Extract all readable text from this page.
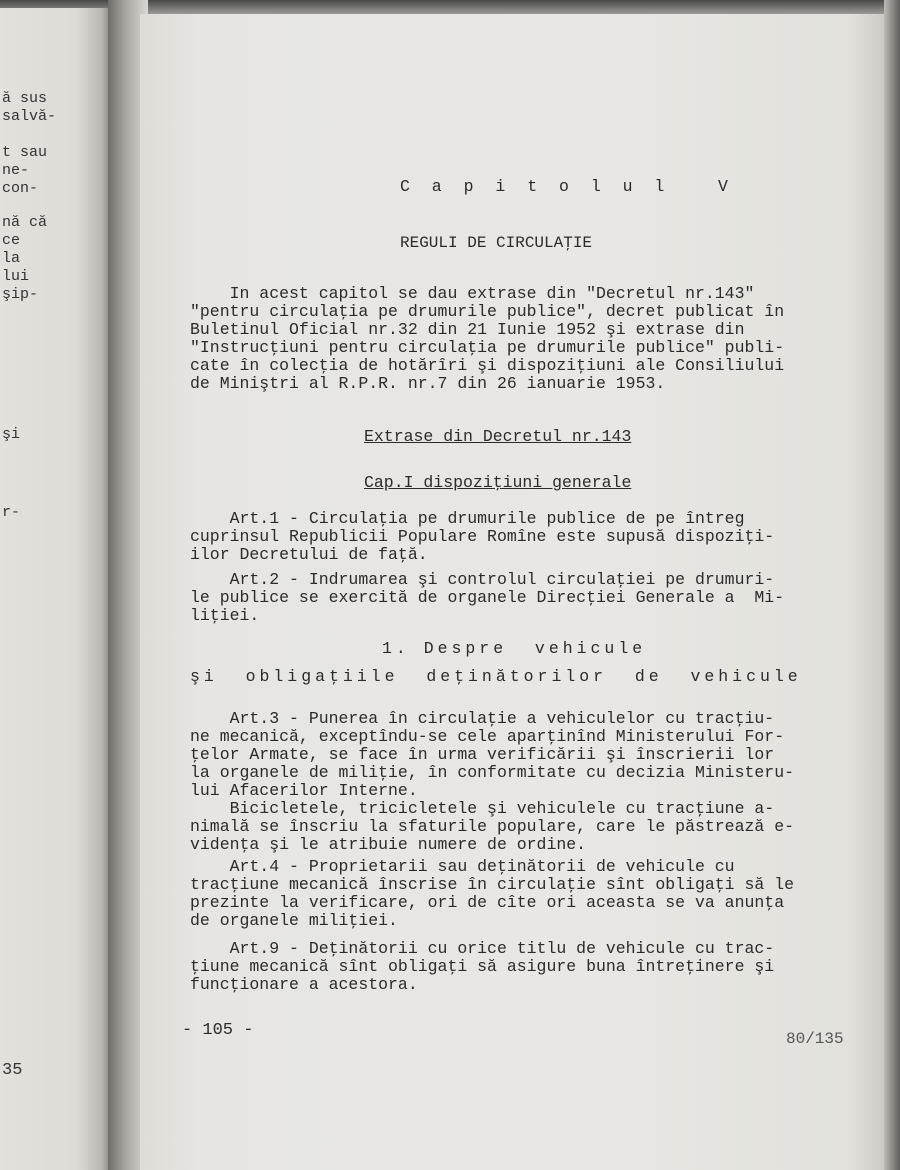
ă sus
salvă-
t sau
ne-
con-
nă că
ce
la
lui
şip-
şi
r-
35
C a p i t o l u l   V
REGULI DE CIRCULAŢIE
In acest capitol se dau extrase din "Decretul nr.143"
"pentru circulaţia pe drumurile publice", decret publicat în
Buletinul Oficial nr.32 din 21 Iunie 1952 şi extrase din
"Instrucţiuni pentru circulaţia pe drumurile publice" publi-
cate în colecţia de hotărîri şi dispoziţiuni ale Consiliului
de Miniştri al R.P.R. nr.7 din 26 ianuarie 1953.
Extrase din Decretul nr.143
Cap.I dispoziţiuni generale
Art.1 - Circulaţia pe drumurile publice de pe întreg
cuprinsul Republicii Populare Romîne este supusă dispoziţi-
ilor Decretului de faţă.
Art.2 - Indrumarea şi controlul circulaţiei pe drumuri-
le publice se exercită de organele Direcţiei Generale a  Mi-
liţiei.
1. Despre  vehicule
şi  obligaţiile  deţinătorilor  de  vehicule
Art.3 - Punerea în circulaţie a vehiculelor cu tracţiu-
ne mecanică, exceptîndu-se cele aparţinînd Ministerului For-
ţelor Armate, se face în urma verificării şi înscrierii lor
la organele de miliţie, în conformitate cu decizia Ministeru-
lui Afacerilor Interne.
Bicicletele, tricicletele şi vehiculele cu tracţiune a-
nimală se înscriu la sfaturile populare, care le păstrează e-
videnţa şi le atribuie numere de ordine.
Art.4 - Proprietarii sau deţinătorii de vehicule cu
tracţiune mecanică înscrise în circulaţie sînt obligaţi să le
prezinte la verificare, ori de cîte ori aceasta se va anunţa
de organele miliţiei.
Art.9 - Deţinătorii cu orice titlu de vehicule cu trac-
ţiune mecanică sînt obligaţi să asigure buna întreţinere şi
funcţionare a acestora.
- 105 -	80/135
